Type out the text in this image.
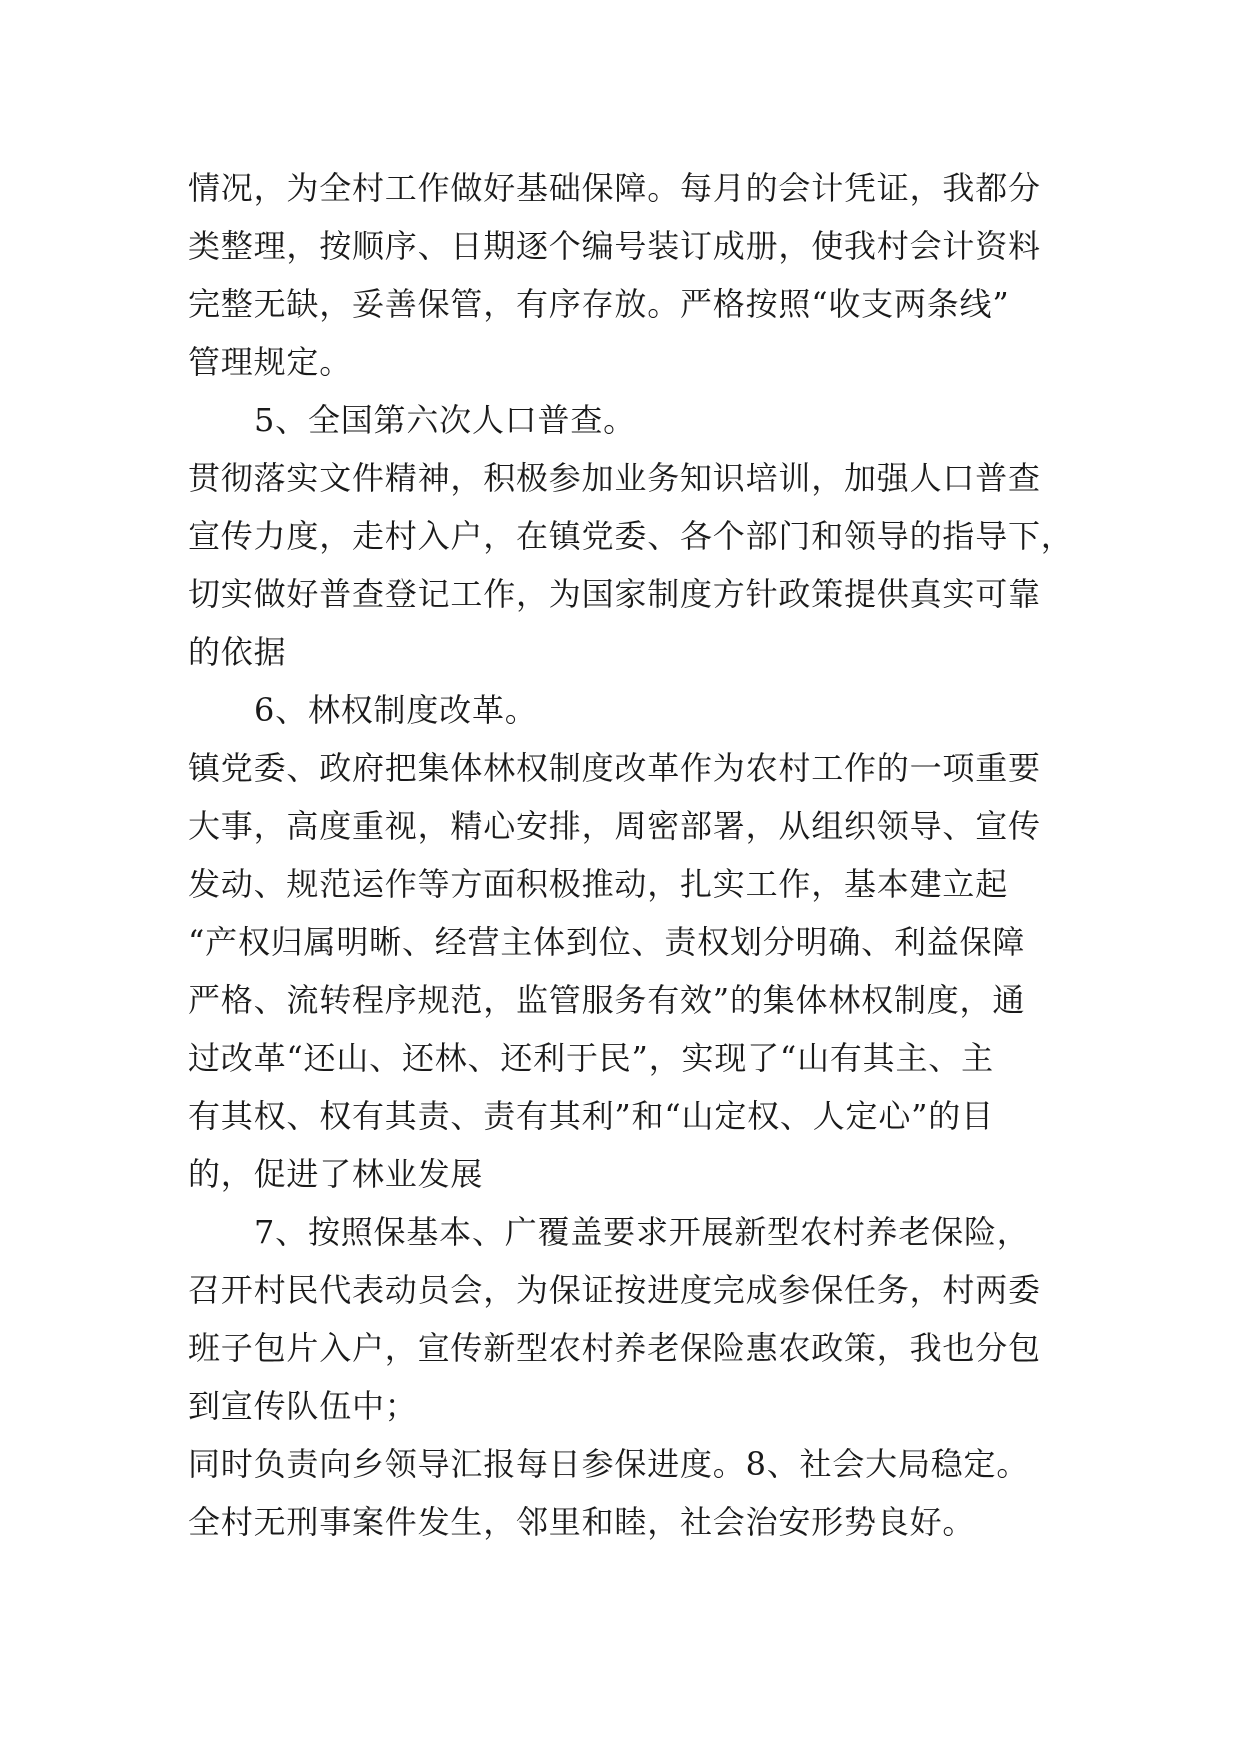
情况，为全村工作做好基础保障。每月的会计凭证，我都分
类整理，按顺序、日期逐个编号装订成册，使我村会计资料
完整无缺，妥善保管，有序存放。严格按照“收支两条线”
管理规定。
5、全国第六次人口普查。
贯彻落实文件精神，积极参加业务知识培训，加强人口普查
宣传力度，走村入户，在镇党委、各个部门和领导的指导下，
切实做好普查登记工作，为国家制度方针政策提供真实可靠
的依据
6、林权制度改革。
镇党委、政府把集体林权制度改革作为农村工作的一项重要
大事，高度重视，精心安排，周密部署，从组织领导、宣传
发动、规范运作等方面积极推动，扎实工作，基本建立起
“产权归属明晰、经营主体到位、责权划分明确、利益保障
严格、流转程序规范，监管服务有效”的集体林权制度，通
过改革“还山、还林、还利于民”，实现了“山有其主、主
有其权、权有其责、责有其利”和“山定权、人定心”的目
的，促进了林业发展
7、按照保基本、广覆盖要求开展新型农村养老保险，
召开村民代表动员会，为保证按进度完成参保任务，村两委
班子包片入户，宣传新型农村养老保险惠农政策，我也分包
到宣传队伍中；
同时负责向乡领导汇报每日参保进度。8、社会大局稳定。
全村无刑事案件发生，邻里和睦，社会治安形势良好。
